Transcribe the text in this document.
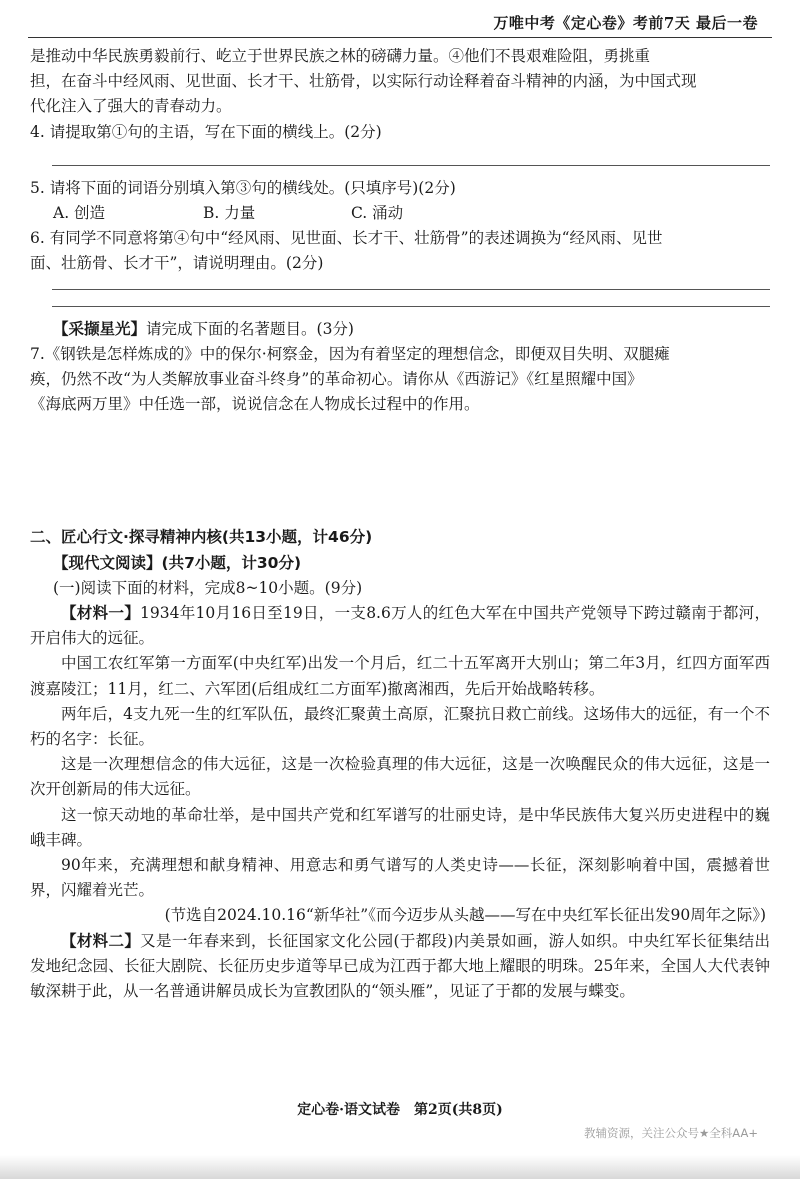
万唯中考《定心卷》考前7天 最后一卷
是推动中华民族勇毅前行、屹立于世界民族之林的磅礴力量。④他们不畏艰难险阻，勇挑重
担，在奋斗中经风雨、见世面、长才干、壮筋骨，以实际行动诠释着奋斗精神的内涵，为中国式现
代化注入了强大的青春动力。
4. 请提取第①句的主语，写在下面的横线上。(2分)
5. 请将下面的词语分别填入第③句的横线处。(只填序号)(2分)
A. 创造	B. 力量	C. 涌动
6. 有同学不同意将第④句中“经风雨、见世面、长才干、壮筋骨”的表述调换为“经风雨、见世
面、壮筋骨、长才干”，请说明理由。(2分)
【采撷星光】请完成下面的名著题目。(3分)
7.《钢铁是怎样炼成的》中的保尔·柯察金，因为有着坚定的理想信念，即便双目失明、双腿瘫
痪，仍然不改“为人类解放事业奋斗终身”的革命初心。请你从《西游记》《红星照耀中国》
《海底两万里》中任选一部，说说信念在人物成长过程中的作用。
二、匠心行文·探寻精神内核(共13小题，计46分)
【现代文阅读】(共7小题，计30分)
(一)阅读下面的材料，完成8~10小题。(9分)
【材料一】1934年10月16日至19日，一支8.6万人的红色大军在中国共产党领导下跨过赣南于都河，开启伟大的远征。
中国工农红军第一方面军(中央红军)出发一个月后，红二十五军离开大别山；第二年3月，红四方面军西渡嘉陵江；11月，红二、六军团(后组成红二方面军)撤离湘西，先后开始战略转移。
两年后，4支九死一生的红军队伍，最终汇聚黄土高原，汇聚抗日救亡前线。这场伟大的远征，有一个不朽的名字：长征。
这是一次理想信念的伟大远征，这是一次检验真理的伟大远征，这是一次唤醒民众的伟大远征，这是一次开创新局的伟大远征。
这一惊天动地的革命壮举，是中国共产党和红军谱写的壮丽史诗，是中华民族伟大复兴历史进程中的巍峨丰碑。
90年来，充满理想和献身精神、用意志和勇气谱写的人类史诗——长征，深刻影响着中国，震撼着世界，闪耀着光芒。
(节选自2024.10.16“新华社”《而今迈步从头越——写在中央红军长征出发90周年之际》)
【材料二】又是一年春来到，长征国家文化公园(于都段)内美景如画，游人如织。中央红军长征集结出发地纪念园、长征大剧院、长征历史步道等早已成为江西于都大地上耀眼的明珠。25年来，全国人大代表钟敏深耕于此，从一名普通讲解员成长为宣教团队的“领头雁”，见证了于都的发展与蝶变。
定心卷·语文试卷　第2页(共8页)
教辅资源，关注公众号★全科AA+
